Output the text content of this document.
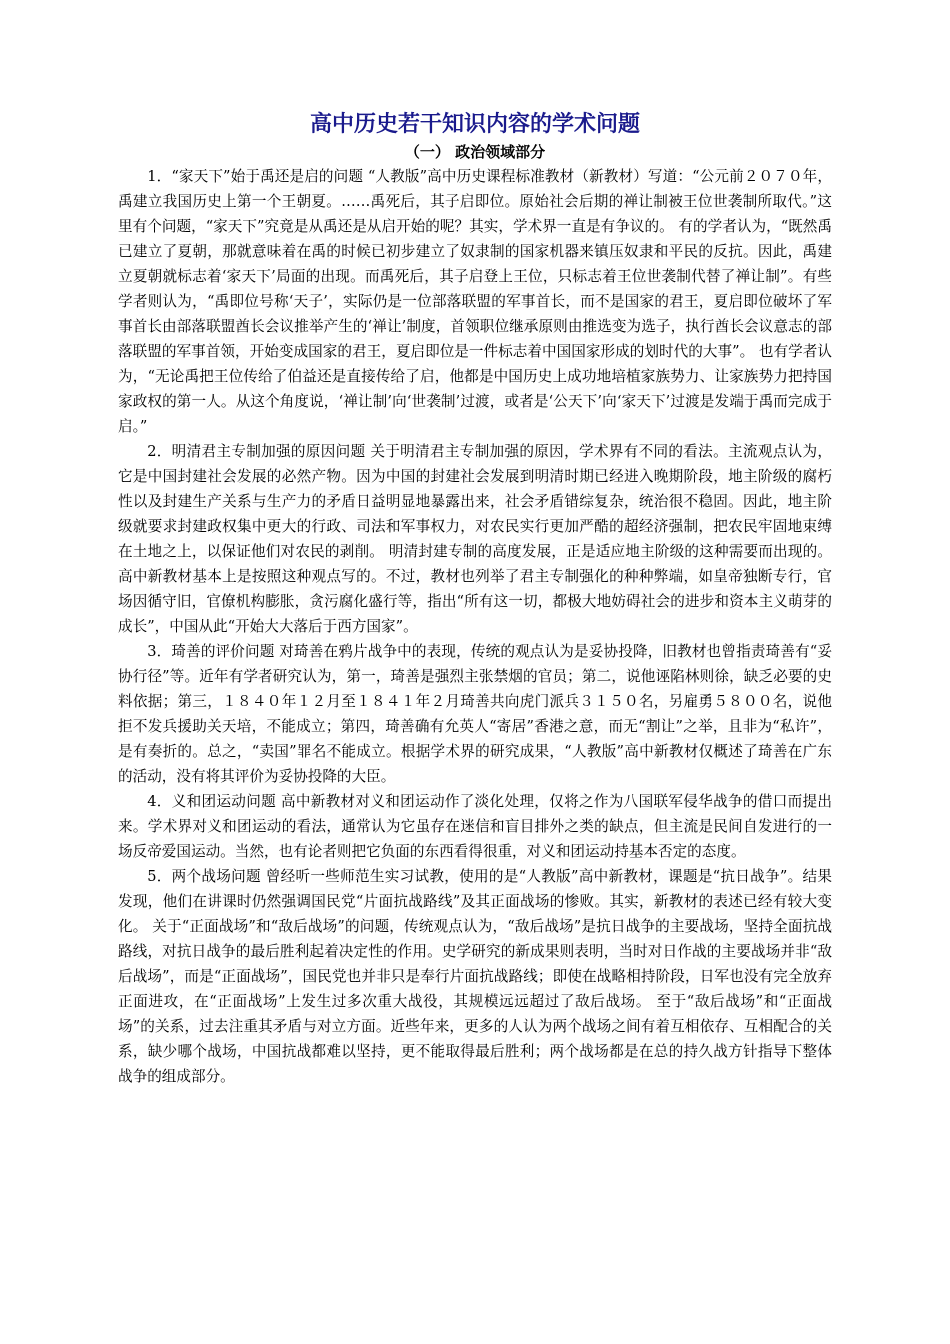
高中历史若干知识内容的学术问题
（一） 政治领域部分

1．“家天下”始于禹还是启的问题 “人教版”高中历史课程标准教材（新教材）写道：“公元前２０７０年，禹建立我国历史上第一个王朝夏。……禹死后，其子启即位。原始社会后期的禅让制被王位世袭制所取代。”这里有个问题，“家天下”究竟是从禹还是从启开始的呢？其实，学术界一直是有争议的。 有的学者认为，“既然禹已建立了夏朝，那就意味着在禹的时候已初步建立了奴隶制的国家机器来镇压奴隶和平民的反抗。因此，禹建立夏朝就标志着‘家天下’局面的出现。而禹死后，其子启登上王位，只标志着王位世袭制代替了禅让制”。有些学者则认为，“禹即位号称‘天子’，实际仍是一位部落联盟的军事首长，而不是国家的君王，夏启即位破坏了军事首长由部落联盟酋长会议推举产生的‘禅让’制度，首领职位继承原则由推选变为选子，执行酋长会议意志的部落联盟的军事首领，开始变成国家的君王，夏启即位是一件标志着中国国家形成的划时代的大事”。 也有学者认为，“无论禹把王位传给了伯益还是直接传给了启，他都是中国历史上成功地培植家族势力、让家族势力把持国家政权的第一人。从这个角度说，‘禅让制’向‘世袭制’过渡，或者是‘公天下’向‘家天下’过渡是发端于禹而完成于启。”

2．明清君主专制加强的原因问题 关于明清君主专制加强的原因，学术界有不同的看法。主流观点认为，它是中国封建社会发展的必然产物。因为中国的封建社会发展到明清时期已经进入晚期阶段，地主阶级的腐朽性以及封建生产关系与生产力的矛盾日益明显地暴露出来，社会矛盾错综复杂，统治很不稳固。因此，地主阶级就要求封建政权集中更大的行政、司法和军事权力，对农民实行更加严酷的超经济强制，把农民牢固地束缚在土地之上，以保证他们对农民的剥削。 明清封建专制的高度发展，正是适应地主阶级的这种需要而出现的。高中新教材基本上是按照这种观点写的。不过，教材也列举了君主专制强化的种种弊端，如皇帝独断专行，官场因循守旧，官僚机构膨胀，贪污腐化盛行等，指出“所有这一切，都极大地妨碍社会的进步和资本主义萌芽的成长”，中国从此“开始大大落后于西方国家”。

3．琦善的评价问题 对琦善在鸦片战争中的表现，传统的观点认为是妥协投降，旧教材也曾指责琦善有“妥协行径”等。近年有学者研究认为，第一，琦善是强烈主张禁烟的官员；第二，说他诬陷林则徐，缺乏必要的史料依据；第三，１８４０年１２月至１８４１年２月琦善共向虎门派兵３１５０名，另雇勇５８００名，说他拒不发兵援助关天培，不能成立；第四，琦善确有允英人“寄居”香港之意，而无“割让”之举，且非为“私许”，是有奏折的。总之，“卖国”罪名不能成立。根据学术界的研究成果，“人教版”高中新教材仅概述了琦善在广东的活动，没有将其评价为妥协投降的大臣。

4．义和团运动问题 高中新教材对义和团运动作了淡化处理，仅将之作为八国联军侵华战争的借口而提出来。学术界对义和团运动的看法，通常认为它虽存在迷信和盲目排外之类的缺点，但主流是民间自发进行的一场反帝爱国运动。当然，也有论者则把它负面的东西看得很重，对义和团运动持基本否定的态度。

5．两个战场问题 曾经听一些师范生实习试教，使用的是“人教版”高中新教材，课题是“抗日战争”。结果发现，他们在讲课时仍然强调国民党“片面抗战路线”及其正面战场的惨败。其实，新教材的表述已经有较大变化。 关于“正面战场”和“敌后战场”的问题，传统观点认为，“敌后战场”是抗日战争的主要战场，坚持全面抗战路线，对抗日战争的最后胜利起着决定性的作用。史学研究的新成果则表明，当时对日作战的主要战场并非“敌后战场”，而是“正面战场”，国民党也并非只是奉行片面抗战路线；即使在战略相持阶段，日军也没有完全放弃正面进攻，在“正面战场”上发生过多次重大战役，其规模远远超过了敌后战场。 至于“敌后战场”和“正面战场”的关系，过去注重其矛盾与对立方面。近些年来，更多的人认为两个战场之间有着互相依存、互相配合的关系，缺少哪个战场，中国抗战都难以坚持，更不能取得最后胜利；两个战场都是在总的持久战方针指导下整体战争的组成部分。
